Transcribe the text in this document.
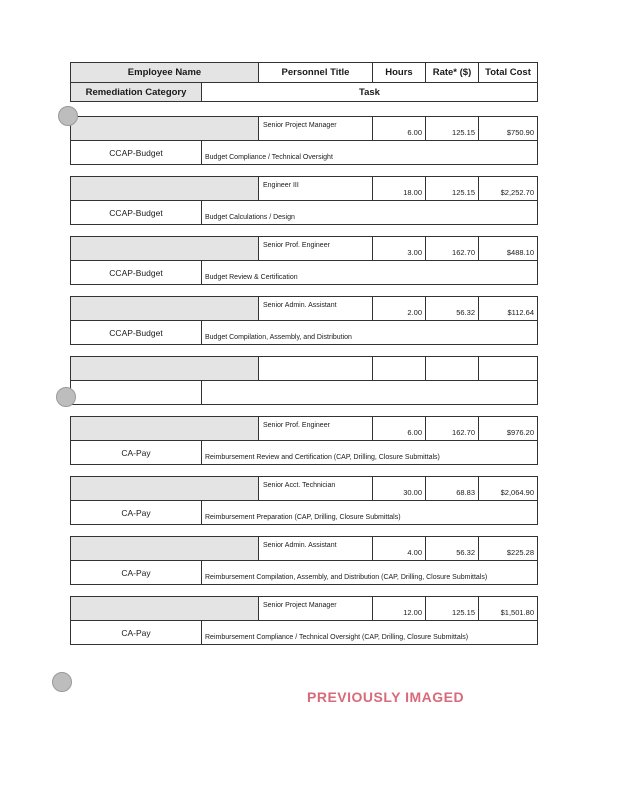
Employee Name		Personnel Title	Hours	Rate* ($)	Total Cost
Remediation Category	Task				
		Senior Project Manager	6.00	125.15	$750.90
CCAP-Budget	Budget Compliance / Technical Oversight				
		Engineer III	18.00	125.15	$2,252.70
CCAP-Budget	Budget Calculations / Design				
		Senior Prof. Engineer	3.00	162.70	$488.10
CCAP-Budget	Budget Review & Certification				
		Senior Admin. Assistant	2.00	56.32	$112.64
CCAP-Budget	Budget Compilation, Assembly, and Distribution				

		Senior Prof. Engineer	6.00	162.70	$976.20
CA-Pay	Reimbursement Review and Certification (CAP, Drilling, Closure Submittals)				
		Senior Acct. Technician	30.00	68.83	$2,064.90
CA-Pay	Reimbursement Preparation (CAP, Drilling, Closure Submittals)				
		Senior Admin. Assistant	4.00	56.32	$225.28
CA-Pay	Reimbursement Compilation, Assembly, and Distribution (CAP, Drilling, Closure Submittals)				
		Senior Project Manager	12.00	125.15	$1,501.80
CA-Pay	Reimbursement Compliance / Technical Oversight (CAP, Drilling, Closure Submittals)				
PREVIOUSLY IMAGED
